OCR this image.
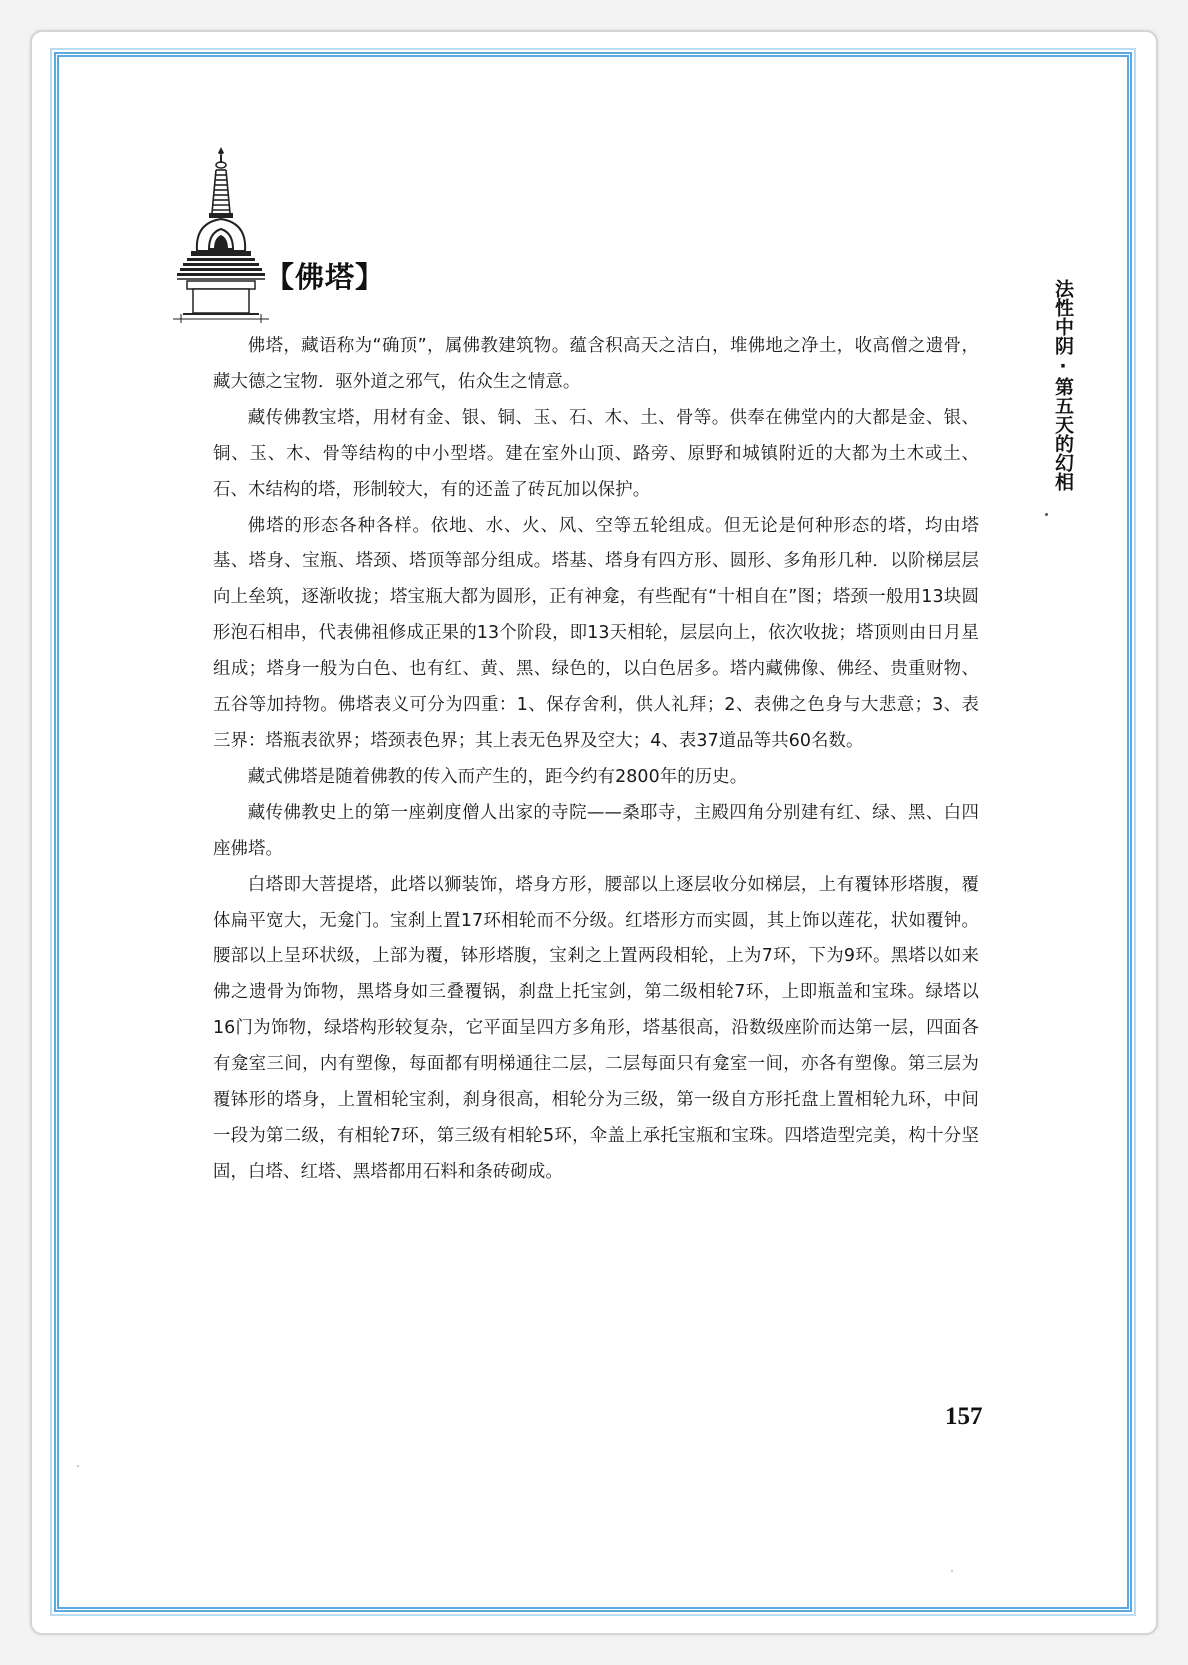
【佛塔】
法性中阴·第五天的幻相

佛塔，藏语称为“确顶”，属佛教建筑物。蕴含积高天之洁白，堆佛地之净土，收高僧之遗骨，藏大德之宝物．驱外道之邪气，佑众生之情意。

藏传佛教宝塔，用材有金、银、铜、玉、石、木、土、骨等。供奉在佛堂内的大都是金、银、铜、玉、木、骨等结构的中小型塔。建在室外山顶、路旁、原野和城镇附近的大都为土木或土、石、木结构的塔，形制较大，有的还盖了砖瓦加以保护。

佛塔的形态各种各样。依地、水、火、风、空等五轮组成。但无论是何种形态的塔，均由塔基、塔身、宝瓶、塔颈、塔顶等部分组成。塔基、塔身有四方形、圆形、多角形几种．以阶梯层层向上垒筑，逐渐收拢；塔宝瓶大都为圆形，正有神龛，有些配有“十相自在”图；塔颈一般用13块圆形泡石相串，代表佛祖修成正果的13个阶段，即13天相轮，层层向上，依次收拢；塔顶则由日月星组成；塔身一般为白色、也有红、黄、黑、绿色的，以白色居多。塔内藏佛像、佛经、贵重财物、五谷等加持物。佛塔表义可分为四重：1、保存舍利，供人礼拜；2、表佛之色身与大悲意；3、表三界：塔瓶表欲界；塔颈表色界；其上表无色界及空大；4、表37道品等共60名数。

藏式佛塔是随着佛教的传入而产生的，距今约有2800年的历史。

藏传佛教史上的第一座剃度僧人出家的寺院——桑耶寺，主殿四角分别建有红、绿、黑、白四座佛塔。

白塔即大菩提塔，此塔以狮装饰，塔身方形，腰部以上逐层收分如梯层，上有覆钵形塔腹，覆体扁平宽大，无龛门。宝刹上置17环相轮而不分级。红塔形方而实圆，其上饰以莲花，状如覆钟。腰部以上呈环状级，上部为覆，钵形塔腹，宝剎之上置两段相轮，上为7环，下为9环。黑塔以如来佛之遗骨为饰物，黑塔身如三叠覆锅，刹盘上托宝剑，第二级相轮7环，上即瓶盖和宝珠。绿塔以16门为饰物，绿塔构形较复杂，它平面呈四方多角形，塔基很高，沿数级座阶而达第一层，四面各有龛室三间，内有塑像，每面都有明梯通往二层，二层每面只有龛室一间，亦各有塑像。第三层为覆钵形的塔身，上置相轮宝刹，刹身很高，相轮分为三级，第一级自方形托盘上置相轮九环，中间一段为第二级，有相轮7环，第三级有相轮5环，伞盖上承托宝瓶和宝珠。四塔造型完美，构十分坚固，白塔、红塔、黑塔都用石料和条砖砌成。

157
